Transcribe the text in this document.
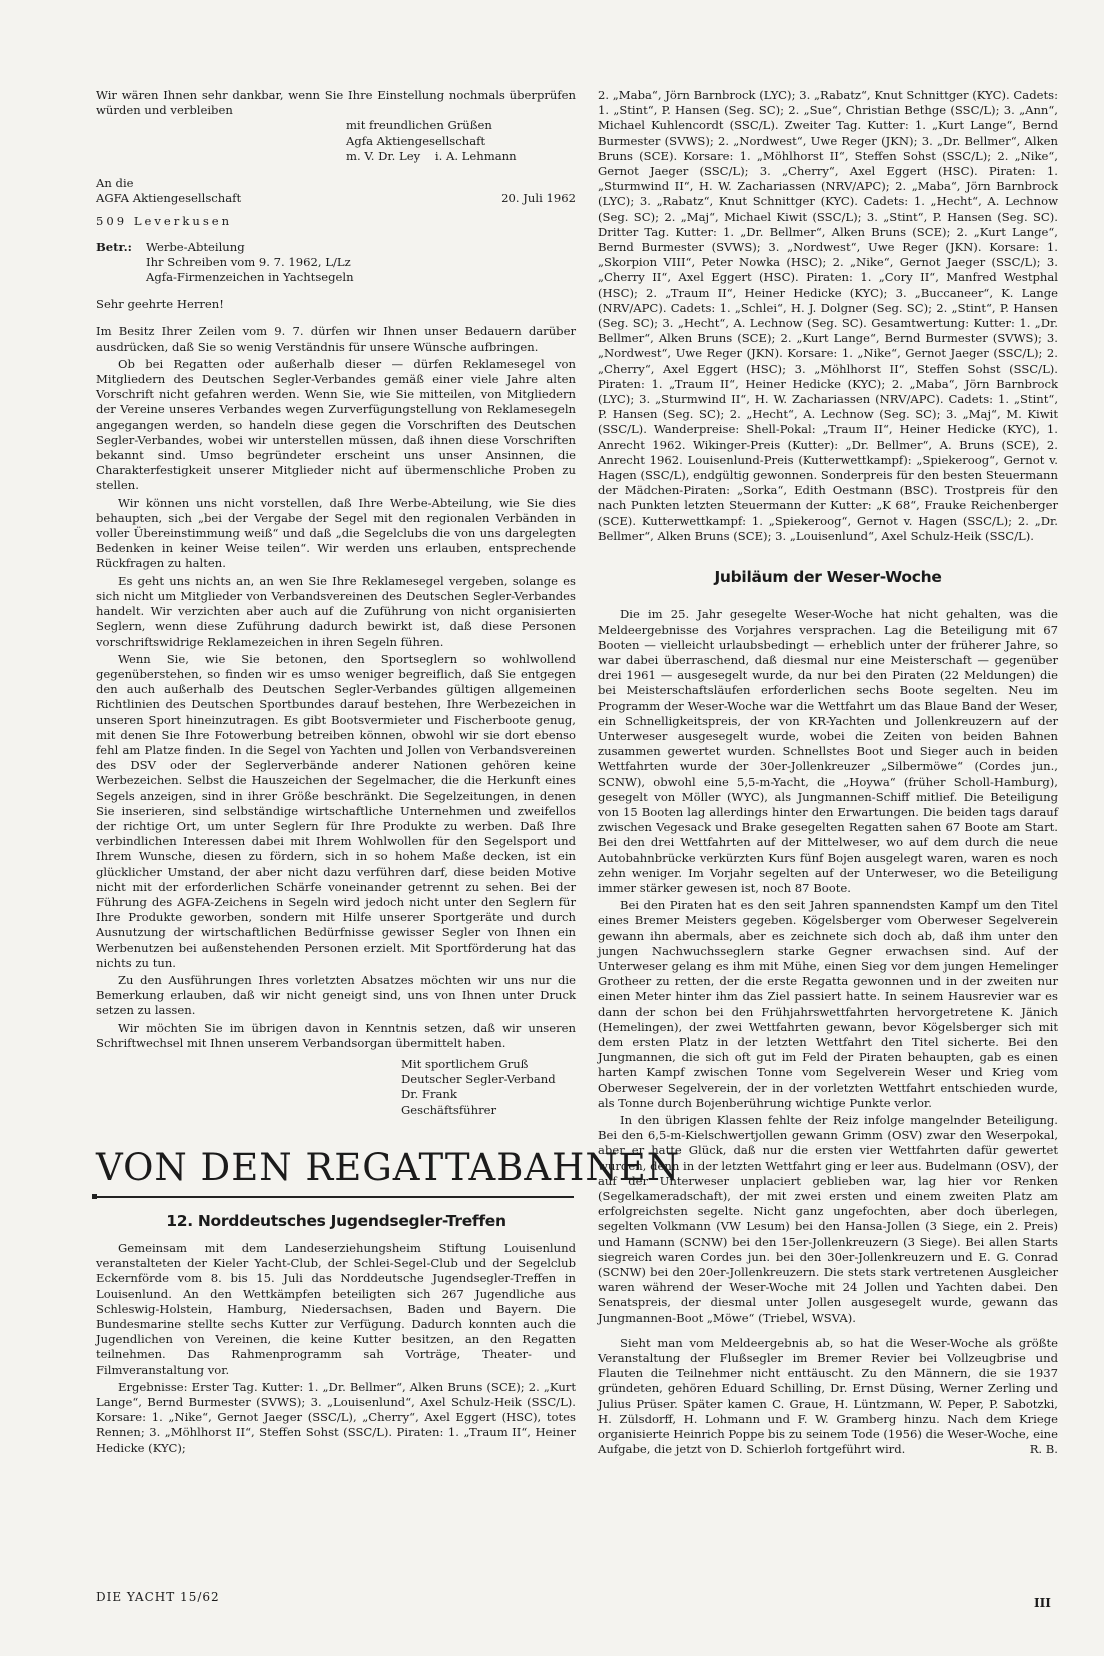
Wir wären Ihnen sehr dankbar, wenn Sie Ihre Einstellung nochmals überprüfen würden und verbleiben

mit freundlichen Grüßen
Agfa Aktiengesellschaft
m. V. Dr. Ley    i. A. Lehmann
An die
AGFA Aktiengesellschaft	20. Juli 1962
509 Leverkusen
Betr.:	Werbe-Abteilung
Ihr Schreiben vom 9. 7. 1962, L/Lz
Agfa-Firmenzeichen in Yachtsegeln

Sehr geehrte Herren!

Im Besitz Ihrer Zeilen vom 9. 7. dürfen wir Ihnen unser Bedauern darüber ausdrücken, daß Sie so wenig Verständnis für unsere Wünsche aufbringen.

Ob bei Regatten oder außerhalb dieser — dürfen Reklamesegel von Mitgliedern des Deutschen Segler-Verbandes gemäß einer viele Jahre alten Vorschrift nicht gefahren werden. Wenn Sie, wie Sie mitteilen, von Mitgliedern der Vereine unseres Verbandes wegen Zurverfügungstellung von Reklamesegeln angegangen werden, so handeln diese gegen die Vorschriften des Deutschen Segler-Verbandes, wobei wir unterstellen müssen, daß ihnen diese Vorschriften bekannt sind. Umso begründeter erscheint uns unser Ansinnen, die Charakterfestigkeit unserer Mitglieder nicht auf übermenschliche Proben zu stellen.

Wir können uns nicht vorstellen, daß Ihre Werbe-Abteilung, wie Sie dies behaupten, sich „bei der Vergabe der Segel mit den regionalen Verbänden in voller Übereinstimmung weiß“ und daß „die Segelclubs die von uns dargelegten Bedenken in keiner Weise teilen“. Wir werden uns erlauben, entsprechende Rückfragen zu halten.

Es geht uns nichts an, an wen Sie Ihre Reklamesegel vergeben, solange es sich nicht um Mitglieder von Verbandsvereinen des Deutschen Segler-Verbandes handelt. Wir verzichten aber auch auf die Zuführung von nicht organisierten Seglern, wenn diese Zuführung dadurch bewirkt ist, daß diese Personen vorschriftswidrige Reklamezeichen in ihren Segeln führen.

Wenn Sie, wie Sie betonen, den Sportseglern so wohlwollend gegenüberstehen, so finden wir es umso weniger begreiflich, daß Sie entgegen den auch außerhalb des Deutschen Segler-Verbandes gültigen allgemeinen Richtlinien des Deutschen Sportbundes darauf bestehen, Ihre Werbezeichen in unseren Sport hineinzutragen. Es gibt Bootsvermieter und Fischerboote genug, mit denen Sie Ihre Fotowerbung betreiben können, obwohl wir sie dort ebenso fehl am Platze finden. In die Segel von Yachten und Jollen von Verbandsvereinen des DSV oder der Seglerverbände anderer Nationen gehören keine Werbezeichen. Selbst die Hauszeichen der Segelmacher, die die Herkunft eines Segels anzeigen, sind in ihrer Größe beschränkt. Die Segelzeitungen, in denen Sie inserieren, sind selbständige wirtschaftliche Unternehmen und zweifellos der richtige Ort, um unter Seglern für Ihre Produkte zu werben. Daß Ihre verbindlichen Interessen dabei mit Ihrem Wohlwollen für den Segelsport und Ihrem Wunsche, diesen zu fördern, sich in so hohem Maße decken, ist ein glücklicher Umstand, der aber nicht dazu verführen darf, diese beiden Motive nicht mit der erforderlichen Schärfe voneinander getrennt zu sehen. Bei der Führung des AGFA-Zeichens in Segeln wird jedoch nicht unter den Seglern für Ihre Produkte geworben, sondern mit Hilfe unserer Sportgeräte und durch Ausnutzung der wirtschaftlichen Bedürfnisse gewisser Segler von Ihnen ein Werbenutzen bei außenstehenden Personen erzielt. Mit Sportförderung hat das nichts zu tun.

Zu den Ausführungen Ihres vorletzten Absatzes möchten wir uns nur die Bemerkung erlauben, daß wir nicht geneigt sind, uns von Ihnen unter Druck setzen zu lassen.

Wir möchten Sie im übrigen davon in Kenntnis setzen, daß wir unseren Schriftwechsel mit Ihnen unserem Verbandsorgan übermittelt haben.

Mit sportlichem Gruß
Deutscher Segler-Verband
Dr. Frank
Geschäftsführer
VON DEN REGATTABAHNEN
12. Norddeutsches Jugendsegler-Treffen

Gemeinsam mit dem Landeserziehungsheim Stiftung Louisenlund veranstalteten der Kieler Yacht-Club, der Schlei-Segel-Club und der Segelclub Eckernförde vom 8. bis 15. Juli das Norddeutsche Jugendsegler-Treffen in Louisenlund. An den Wettkämpfen beteiligten sich 267 Jugendliche aus Schleswig-Holstein, Hamburg, Niedersachsen, Baden und Bayern. Die Bundesmarine stellte sechs Kutter zur Verfügung. Dadurch konnten auch die Jugendlichen von Vereinen, die keine Kutter besitzen, an den Regatten teilnehmen. Das Rahmenprogramm sah Vorträge, Theater- und Filmveranstaltung vor.

Ergebnisse: Erster Tag. Kutter: 1. „Dr. Bellmer“, Alken Bruns (SCE); 2. „Kurt Lange“, Bernd Burmester (SVWS); 3. „Louisenlund“, Axel Schulz-Heik (SSC/L). Korsare: 1. „Nike“, Gernot Jaeger (SSC/L), „Cherry“, Axel Eggert (HSC), totes Rennen; 3. „Möhlhorst II“, Steffen Sohst (SSC/L). Piraten: 1. „Traum II“, Heiner Hedicke (KYC);

2. „Maba“, Jörn Barnbrock (LYC); 3. „Rabatz“, Knut Schnittger (KYC). Cadets: 1. „Stint“, P. Hansen (Seg. SC); 2. „Sue“, Christian Bethge (SSC/L); 3. „Ann“, Michael Kuhlencordt (SSC/L). Zweiter Tag. Kutter: 1. „Kurt Lange“, Bernd Burmester (SVWS); 2. „Nordwest“, Uwe Reger (JKN); 3. „Dr. Bellmer“, Alken Bruns (SCE). Korsare: 1. „Möhlhorst II“, Steffen Sohst (SSC/L); 2. „Nike“, Gernot Jaeger (SSC/L); 3. „Cherry“, Axel Eggert (HSC). Piraten: 1. „Sturmwind II“, H. W. Zachariassen (NRV/APC); 2. „Maba“, Jörn Barnbrock (LYC); 3. „Rabatz“, Knut Schnittger (KYC). Cadets: 1. „Hecht“, A. Lechnow (Seg. SC); 2. „Maj“, Michael Kiwit (SSC/L); 3. „Stint“, P. Hansen (Seg. SC). Dritter Tag. Kutter: 1. „Dr. Bellmer“, Alken Bruns (SCE); 2. „Kurt Lange“, Bernd Burmester (SVWS); 3. „Nordwest“, Uwe Reger (JKN). Korsare: 1. „Skorpion VIII“, Peter Nowka (HSC); 2. „Nike“, Gernot Jaeger (SSC/L); 3. „Cherry II“, Axel Eggert (HSC). Piraten: 1. „Cory II“, Manfred Westphal (HSC); 2. „Traum II“, Heiner Hedicke (KYC); 3. „Buccaneer“, K. Lange (NRV/APC). Cadets: 1. „Schlei“, H. J. Dolgner (Seg. SC); 2. „Stint“, P. Hansen (Seg. SC); 3. „Hecht“, A. Lechnow (Seg. SC). Gesamtwertung: Kutter: 1. „Dr. Bellmer“, Alken Bruns (SCE); 2. „Kurt Lange“, Bernd Burmester (SVWS); 3. „Nordwest“, Uwe Reger (JKN). Korsare: 1. „Nike“, Gernot Jaeger (SSC/L); 2. „Cherry“, Axel Eggert (HSC); 3. „Möhlhorst II“, Steffen Sohst (SSC/L). Piraten: 1. „Traum II“, Heiner Hedicke (KYC); 2. „Maba“, Jörn Barnbrock (LYC); 3. „Sturmwind II“, H. W. Zachariassen (NRV/APC). Cadets: 1. „Stint“, P. Hansen (Seg. SC); 2. „Hecht“, A. Lechnow (Seg. SC); 3. „Maj“, M. Kiwit (SSC/L). Wanderpreise: Shell-Pokal: „Traum II“, Heiner Hedicke (KYC), 1. Anrecht 1962. Wikinger-Preis (Kutter): „Dr. Bellmer“, A. Bruns (SCE), 2. Anrecht 1962. Louisenlund-Preis (Kutterwettkampf): „Spiekeroog“, Gernot v. Hagen (SSC/L), endgültig gewonnen. Sonderpreis für den besten Steuermann der Mädchen-Piraten: „Sorka“, Edith Oestmann (BSC). Trostpreis für den nach Punkten letzten Steuermann der Kutter: „K 68“, Frauke Reichenberger (SCE). Kutterwettkampf: 1. „Spiekeroog“, Gernot v. Hagen (SSC/L); 2. „Dr. Bellmer“, Alken Bruns (SCE); 3. „Louisenlund“, Axel Schulz-Heik (SSC/L).

Jubiläum der Weser-Woche

Die im 25. Jahr gesegelte Weser-Woche hat nicht gehalten, was die Meldeergebnisse des Vorjahres versprachen. Lag die Beteiligung mit 67 Booten — vielleicht urlaubsbedingt — erheblich unter der früherer Jahre, so war dabei überraschend, daß diesmal nur eine Meisterschaft — gegenüber drei 1961 — ausgesegelt wurde, da nur bei den Piraten (22 Meldungen) die bei Meisterschaftsläufen erforderlichen sechs Boote segelten. Neu im Programm der Weser-Woche war die Wettfahrt um das Blaue Band der Weser, ein Schnelligkeitspreis, der von KR-Yachten und Jollenkreuzern auf der Unterweser ausgesegelt wurde, wobei die Zeiten von beiden Bahnen zusammen gewertet wurden. Schnellstes Boot und Sieger auch in beiden Wettfahrten wurde der 30er-Jollenkreuzer „Silbermöwe“ (Cordes jun., SCNW), obwohl eine 5,5-m-Yacht, die „Hoywa“ (früher Scholl-Hamburg), gesegelt von Möller (WYC), als Jungmannen-Schiff mitlief. Die Beteiligung von 15 Booten lag allerdings hinter den Erwartungen. Die beiden tags darauf zwischen Vegesack und Brake gesegelten Regatten sahen 67 Boote am Start. Bei den drei Wettfahrten auf der Mittelweser, wo auf dem durch die neue Autobahnbrücke verkürzten Kurs fünf Bojen ausgelegt waren, waren es noch zehn weniger. Im Vorjahr segelten auf der Unterweser, wo die Beteiligung immer stärker gewesen ist, noch 87 Boote.

Bei den Piraten hat es den seit Jahren spannendsten Kampf um den Titel eines Bremer Meisters gegeben. Kögelsberger vom Oberweser Segelverein gewann ihn abermals, aber es zeichnete sich doch ab, daß ihm unter den jungen Nachwuchsseglern starke Gegner erwachsen sind. Auf der Unterweser gelang es ihm mit Mühe, einen Sieg vor dem jungen Hemelinger Grotheer zu retten, der die erste Regatta gewonnen und in der zweiten nur einen Meter hinter ihm das Ziel passiert hatte. In seinem Hausrevier war es dann der schon bei den Frühjahrswettfahrten hervorgetretene K. Jänich (Hemelingen), der zwei Wettfahrten gewann, bevor Kögelsberger sich mit dem ersten Platz in der letzten Wettfahrt den Titel sicherte. Bei den Jungmannen, die sich oft gut im Feld der Piraten behaupten, gab es einen harten Kampf zwischen Tonne vom Segelverein Weser und Krieg vom Oberweser Segelverein, der in der vorletzten Wettfahrt entschieden wurde, als Tonne durch Bojenberührung wichtige Punkte verlor.

In den übrigen Klassen fehlte der Reiz infolge mangelnder Beteiligung. Bei den 6,5-m-Kielschwertjollen gewann Grimm (OSV) zwar den Weserpokal, aber er hatte Glück, daß nur die ersten vier Wettfahrten dafür gewertet wurden, denn in der letzten Wettfahrt ging er leer aus. Budelmann (OSV), der auf der Unterweser unplaciert geblieben war, lag hier vor Renken (Segelkameradschaft), der mit zwei ersten und einem zweiten Platz am erfolgreichsten segelte. Nicht ganz ungefochten, aber doch überlegen, segelten Volkmann (VW Lesum) bei den Hansa-Jollen (3 Siege, ein 2. Preis) und Hamann (SCNW) bei den 15er-Jollenkreuzern (3 Siege). Bei allen Starts siegreich waren Cordes jun. bei den 30er-Jollenkreuzern und E. G. Conrad (SCNW) bei den 20er-Jollenkreuzern. Die stets stark vertretenen Ausgleicher waren während der Weser-Woche mit 24 Jollen und Yachten dabei. Den Senatspreis, der diesmal unter Jollen ausgesegelt wurde, gewann das Jungmannen-Boot „Möwe“ (Triebel, WSVA).

Sieht man vom Meldeergebnis ab, so hat die Weser-Woche als größte Veranstaltung der Flußsegler im Bremer Revier bei Vollzeugbrise und Flauten die Teilnehmer nicht enttäuscht. Zu den Männern, die sie 1937 gründeten, gehören Eduard Schilling, Dr. Ernst Düsing, Werner Zerling und Julius Prüser. Später kamen C. Graue, H. Lüntzmann, W. Peper, P. Sabotzki, H. Zülsdorff, H. Lohmann und F. W. Gramberg hinzu. Nach dem Kriege organisierte Heinrich Poppe bis zu seinem Tode (1956) die Weser-Woche, eine Aufgabe, die jetzt von D. Schierloh fortgeführt wird.	R. B.
DIE YACHT 15/62	III
